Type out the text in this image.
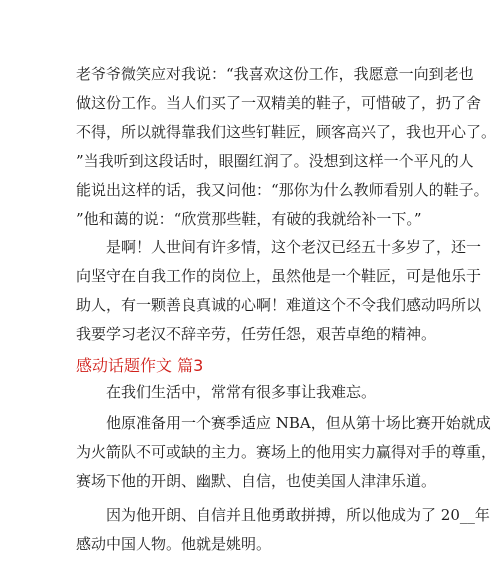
老爷爷微笑应对我说：“我喜欢这份工作，我愿意一向到老也
做这份工作。当人们买了一双精美的鞋子，可惜破了，扔了舍
不得，所以就得靠我们这些钉鞋匠，顾客高兴了，我也开心了。
”当我听到这段话时，眼圈红润了。没想到这样一个平凡的人
能说出这样的话，我又问他：“那你为什么教师看别人的鞋子。
”他和蔼的说：“欣赏那些鞋，有破的我就给补一下。”
是啊！人世间有许多情，这个老汉已经五十多岁了，还一
向坚守在自我工作的岗位上，虽然他是一个鞋匠，可是他乐于
助人，有一颗善良真诚的心啊！难道这个不令我们感动吗所以
我要学习老汉不辞辛劳，任劳任怨，艰苦卓绝的精神。
感动话题作文 篇3
在我们生活中，常常有很多事让我难忘。
他原准备用一个赛季适应 NBA，但从第十场比赛开始就成
为火箭队不可或缺的主力。赛场上的他用实力赢得对手的尊重，
赛场下他的开朗、幽默、自信，也使美国人津津乐道。
因为他开朗、自信并且他勇敢拼搏，所以他成为了 20__年
感动中国人物。他就是姚明。
